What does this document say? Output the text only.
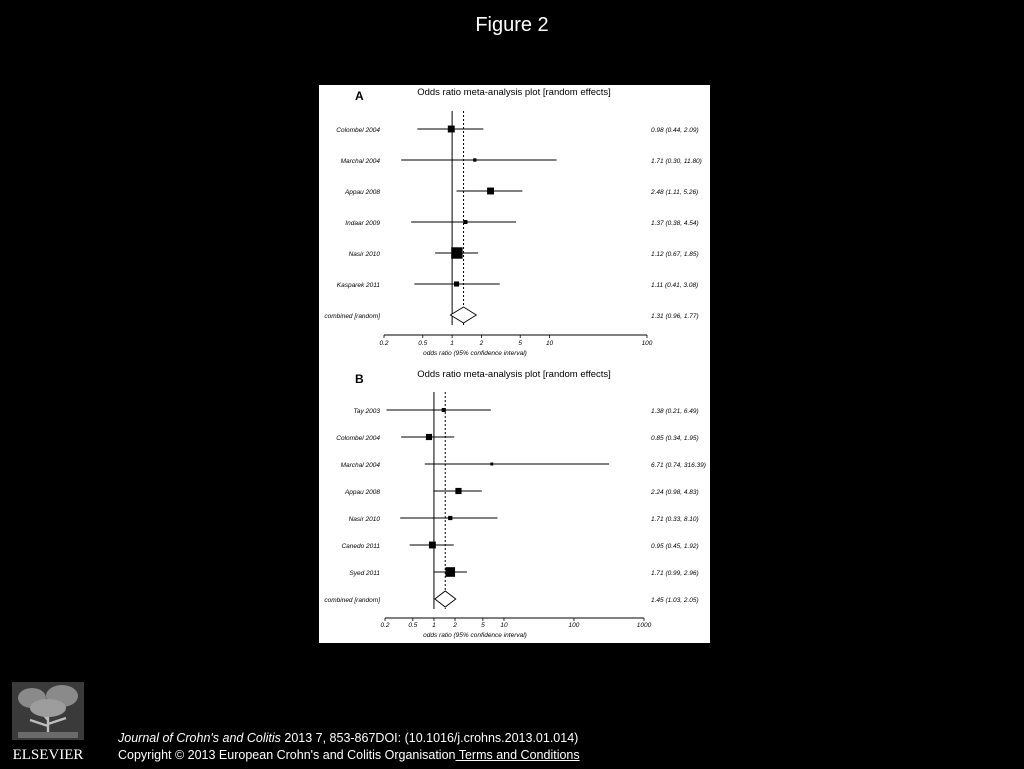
Figure 2
A	Odds ratio meta-analysis plot [random effects]
Colombel 2004	0.98 (0.44, 2.09)
Marchal 2004	1.71 (0.30, 11.80)
Appau 2008	2.48 (1.11, 5.26)
Indaar 2009	1.37 (0.38, 4.54)
Nasir 2010	1.12 (0.67, 1.85)
Kasparek 2011	1.11 (0.41, 3.08)
combined [random]	1.31 (0.96, 1.77)
0.2	0.5	1	2	5	10	100
odds ratio (95% confidence interval)
B	Odds ratio meta-analysis plot [random effects]
Tay 2003	1.38 (0.21, 6.49)
Colombel 2004	0.85 (0.34, 1.95)
Marchal 2004	6.71 (0.74, 316.39)
Appau 2008	2.24 (0.98, 4.83)
Nasir 2010	1.71 (0.33, 8.10)
Canedo 2011	0.95 (0.45, 1.92)
Syed 2011	1.71 (0.99, 2.96)
combined [random]	1.45 (1.03, 2.05)
0.2	0.5 1	2	5 10	100	1000
odds ratio (95% confidence interval)
ELSEVIER
Journal of Crohn's and Colitis 2013 7, 853-867DOI: (10.1016/j.crohns.2013.01.014)
Copyright © 2013 European Crohn's and Colitis Organisation Terms and Conditions
